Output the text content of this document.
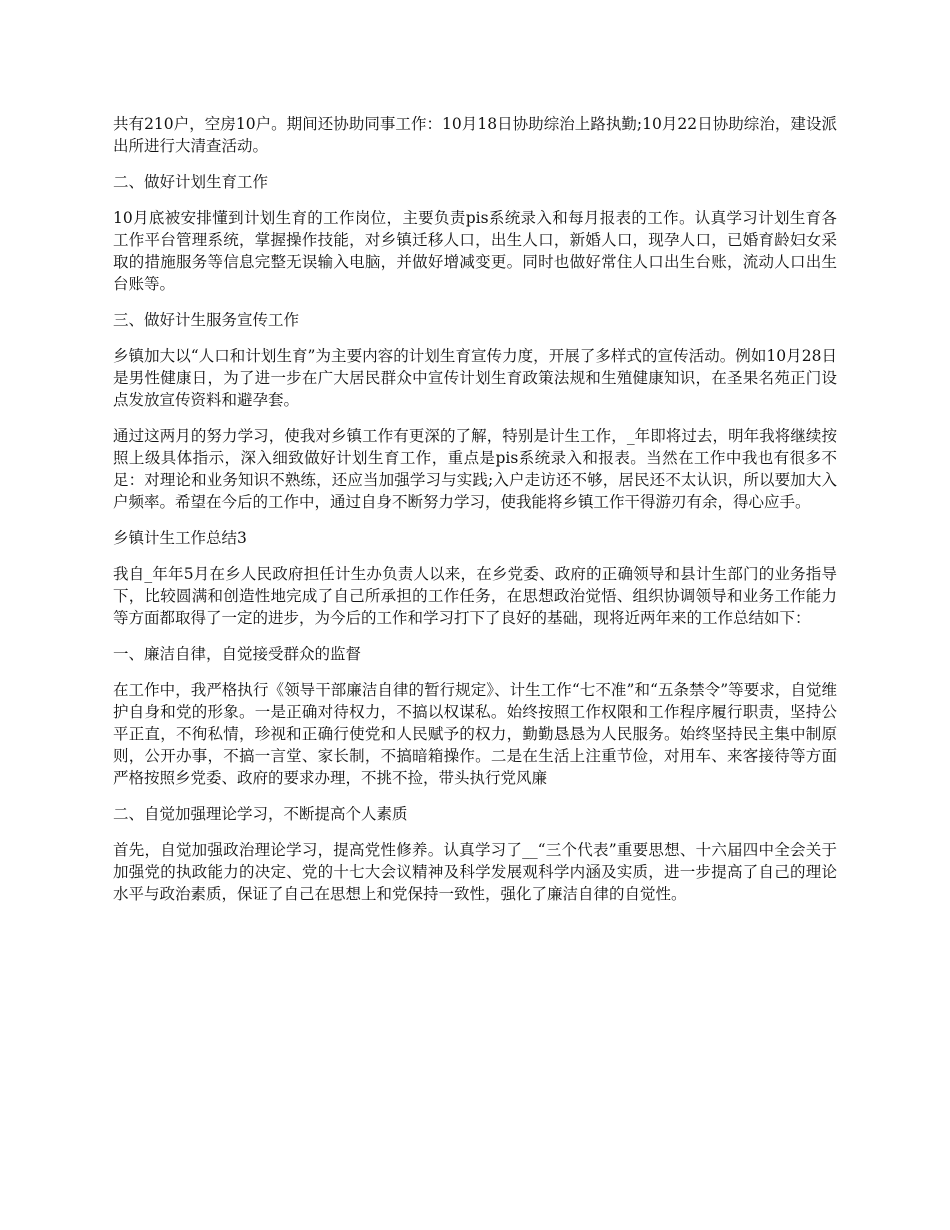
共有210户，空房10户。期间还协助同事工作：10月18日协助综治上路执勤;10月22日协助综治，建设派出所进行大清查活动。

二、做好计划生育工作

10月底被安排懂到计划生育的工作岗位，主要负责pis系统录入和每月报表的工作。认真学习计划生育各工作平台管理系统，掌握操作技能，对乡镇迁移人口，出生人口，新婚人口，现孕人口，已婚育龄妇女采取的措施服务等信息完整无误输入电脑，并做好增减变更。同时也做好常住人口出生台账，流动人口出生台账等。

三、做好计生服务宣传工作

乡镇加大以“人口和计划生育”为主要内容的计划生育宣传力度，开展了多样式的宣传活动。例如10月28日是男性健康日，为了进一步在广大居民群众中宣传计划生育政策法规和生殖健康知识，在圣果名苑正门设点发放宣传资料和避孕套。

通过这两月的努力学习，使我对乡镇工作有更深的了解，特别是计生工作，_年即将过去，明年我将继续按照上级具体指示，深入细致做好计划生育工作，重点是pis系统录入和报表。当然在工作中我也有很多不足：对理论和业务知识不熟练，还应当加强学习与实践;入户走访还不够，居民还不太认识，所以要加大入户频率。希望在今后的工作中，通过自身不断努力学习，使我能将乡镇工作干得游刃有余，得心应手。

乡镇计生工作总结3

我自_年年5月在乡人民政府担任计生办负责人以来，在乡党委、政府的正确领导和县计生部门的业务指导下，比较圆满和创造性地完成了自己所承担的工作任务，在思想政治觉悟、组织协调领导和业务工作能力等方面都取得了一定的进步，为今后的工作和学习打下了良好的基础，现将近两年来的工作总结如下：

一、廉洁自律，自觉接受群众的监督

在工作中，我严格执行《领导干部廉洁自律的暂行规定》、计生工作“七不准”和“五条禁令”等要求，自觉维护自身和党的形象。一是正确对待权力，不搞以权谋私。始终按照工作权限和工作程序履行职责，坚持公平正直，不徇私情，珍视和正确行使党和人民赋予的权力，勤勤恳恳为人民服务。始终坚持民主集中制原则，公开办事，不搞一言堂、家长制，不搞暗箱操作。二是在生活上注重节俭，对用车、来客接待等方面严格按照乡党委、政府的要求办理，不挑不捡，带头执行党风廉

二、自觉加强理论学习，不断提高个人素质

首先，自觉加强政治理论学习，提高党性修养。认真学习了__“三个代表”重要思想、十六届四中全会关于加强党的执政能力的决定、党的十七大会议精神及科学发展观科学内涵及实质，进一步提高了自己的理论水平与政治素质，保证了自己在思想上和党保持一致性，强化了廉洁自律的自觉性。
